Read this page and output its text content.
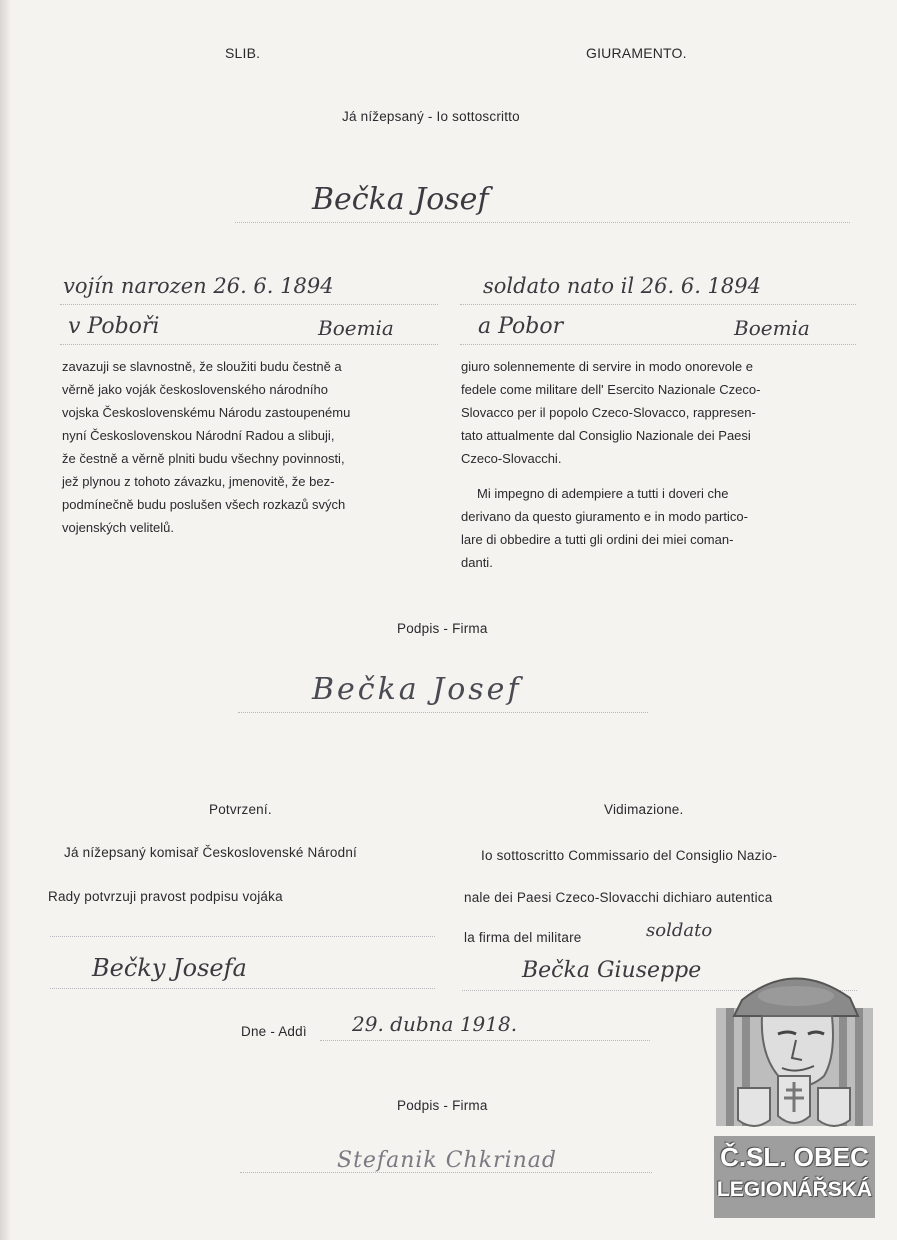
SLIB.	GIURAMENTO.
Já nížepsaný - Io sottoscritto
Bečka Josef
vojín narozen 26. 6. 1894
v Poboři	Boemia
soldato nato il 26. 6. 1894
a Pobor	Boemia

zavazuji se slavnostně, že sloužiti budu čestně a

věrně jako voják československého národního

vojska Československému Národu zastoupenému

nyní Československou Národní Radou a slibuji,

že čestně a věrně plniti budu všechny povinnosti,

jež plynou z tohoto závazku, jmenovitě, že bez-

podmínečně budu poslušen všech rozkazů svých

vojenských velitelů.

giuro solennemente di servire in modo onorevole e

fedele come militare dell' Esercito Nazionale Czeco-

Slovacco per il popolo Czeco-Slovacco, rappresen-

tato attualmente dal Consiglio Nazionale dei Paesi

Czeco-Slovacchi.

Mi impegno di adempiere a tutti i doveri che

derivano da questo giuramento e in modo partico-

lare di obbedire a tutti gli ordini dei miei coman-

danti.

Podpis - Firma
Bečka Josef
Potvrzení.	Vidimazione.
Já nížepsaný komisař Československé Národní
Rady potvrzuji pravost podpisu vojáka
Io sottoscritto Commissario del Consiglio Nazio-
nale dei Paesi Czeco-Slovacchi dichiaro autentica
la firma del militare	soldato
Bečky Josefa	Bečka Giuseppe
Dne - Addì 29. dubna 1918.
Podpis - Firma
Stefanik Chkrinad	Č.SL. OBEC
LEGIONÁŘSKÁ
